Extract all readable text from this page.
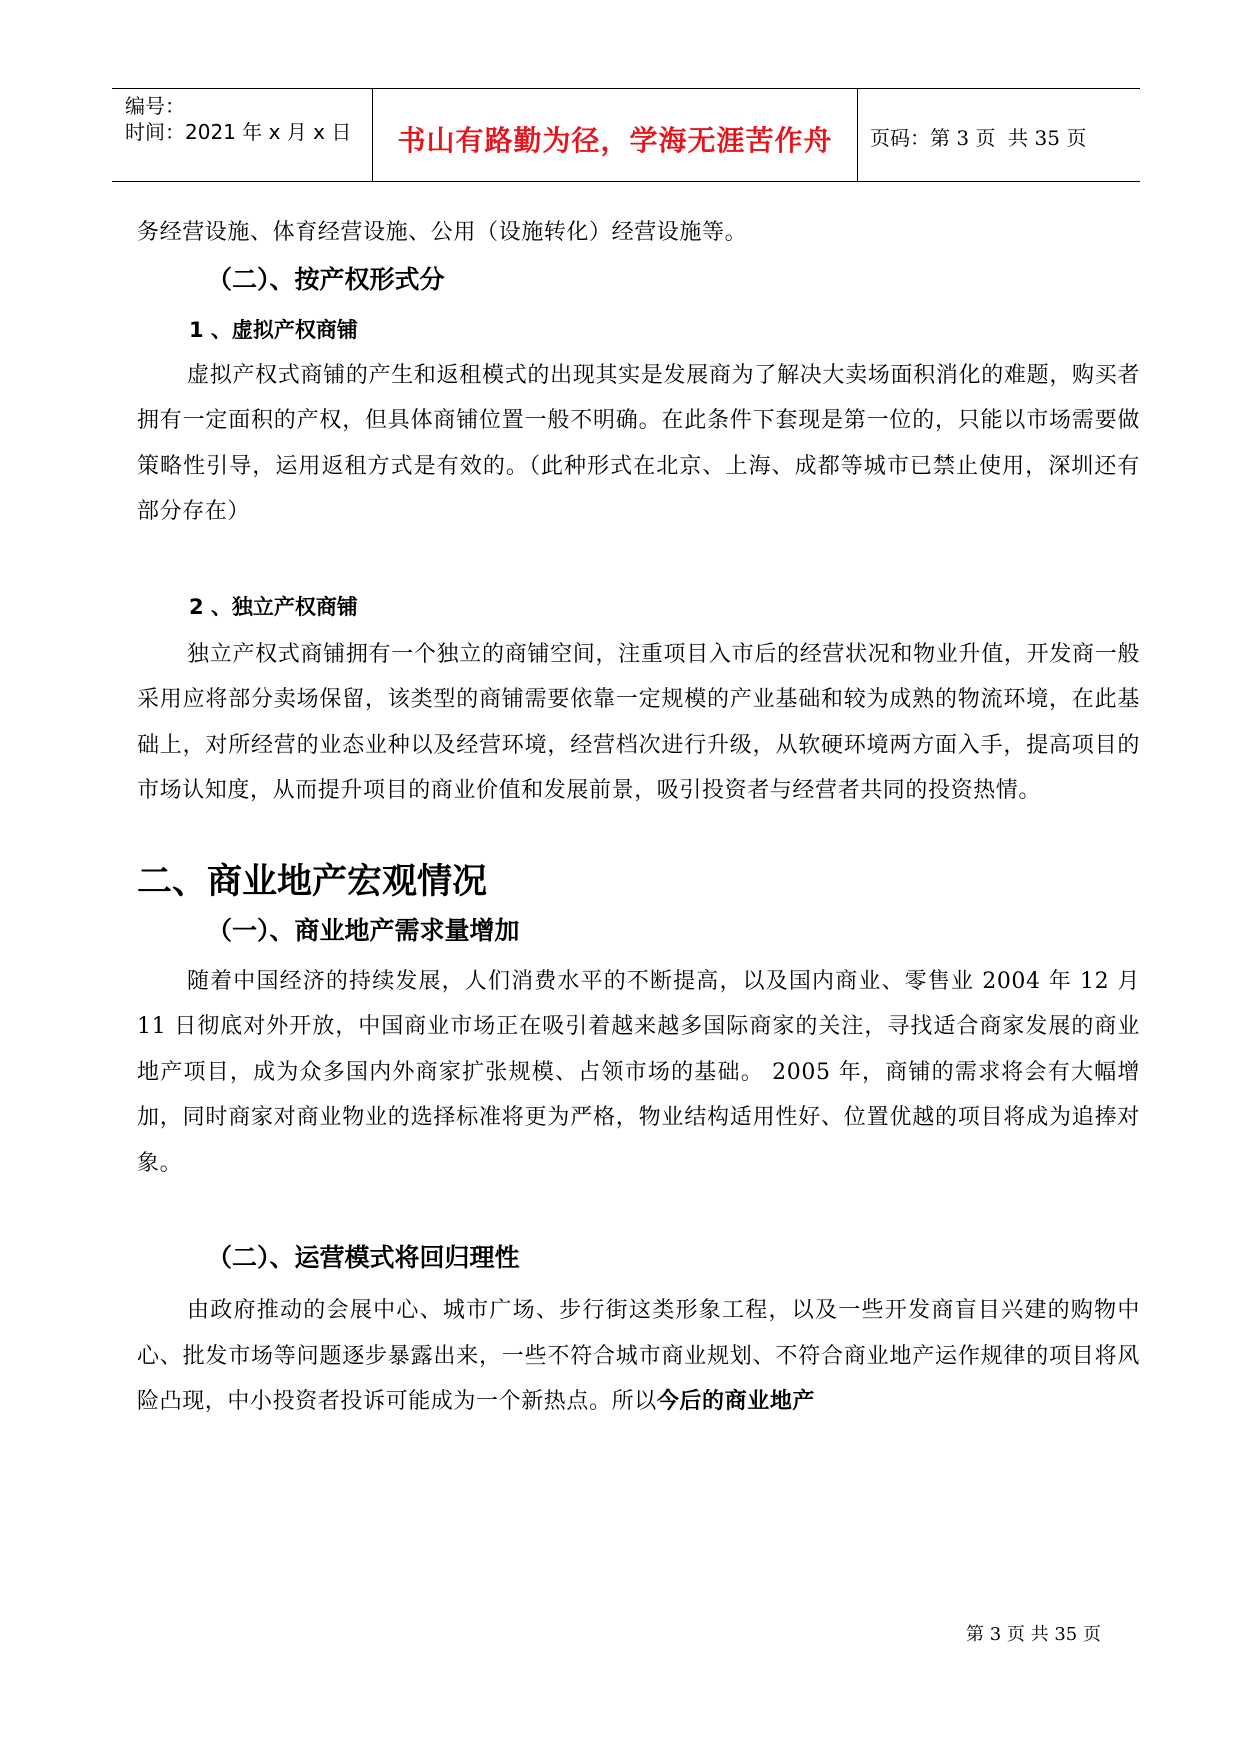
编号：
时间：2021 年 x 月 x 日	书山有路勤为径，学海无涯苦作舟	页码：第 3 页  共 35 页

务经营设施、体育经营设施、公用（设施转化）经营设施等。

（二）、按产权形式分
1 、虚拟产权商铺

虚拟产权式商铺的产生和返租模式的出现其实是发展商为了解决大卖场面积消化的难题，购买者拥有一定面积的产权，但具体商铺位置一般不明确。在此条件下套现是第一位的，只能以市场需要做策略性引导，运用返租方式是有效的。（此种形式在北京、上海、成都等城市已禁止使用，深圳还有部分存在）

2 、独立产权商铺

独立产权式商铺拥有一个独立的商铺空间，注重项目入市后的经营状况和物业升值，开发商一般采用应将部分卖场保留，该类型的商铺需要依靠一定规模的产业基础和较为成熟的物流环境，在此基础上，对所经营的业态业种以及经营环境，经营档次进行升级，从软硬环境两方面入手，提高项目的市场认知度，从而提升项目的商业价值和发展前景，吸引投资者与经营者共同的投资热情。

二、商业地产宏观情况
（一）、商业地产需求量增加

随着中国经济的持续发展，人们消费水平的不断提高，以及国内商业、零售业 2004 年 12 月 11 日彻底对外开放，中国商业市场正在吸引着越来越多国际商家的关注，寻找适合商家发展的商业地产项目，成为众多国内外商家扩张规模、占领市场的基础。 2005 年，商铺的需求将会有大幅增加，同时商家对商业物业的选择标准将更为严格，物业结构适用性好、位置优越的项目将成为追捧对象。

（二）、运营模式将回归理性

由政府推动的会展中心、城市广场、步行街这类形象工程，以及一些开发商盲目兴建的购物中心、批发市场等问题逐步暴露出来，一些不符合城市商业规划、不符合商业地产运作规律的项目将风险凸现，中小投资者投诉可能成为一个新热点。所以今后的商业地产

第 3 页 共 35 页
